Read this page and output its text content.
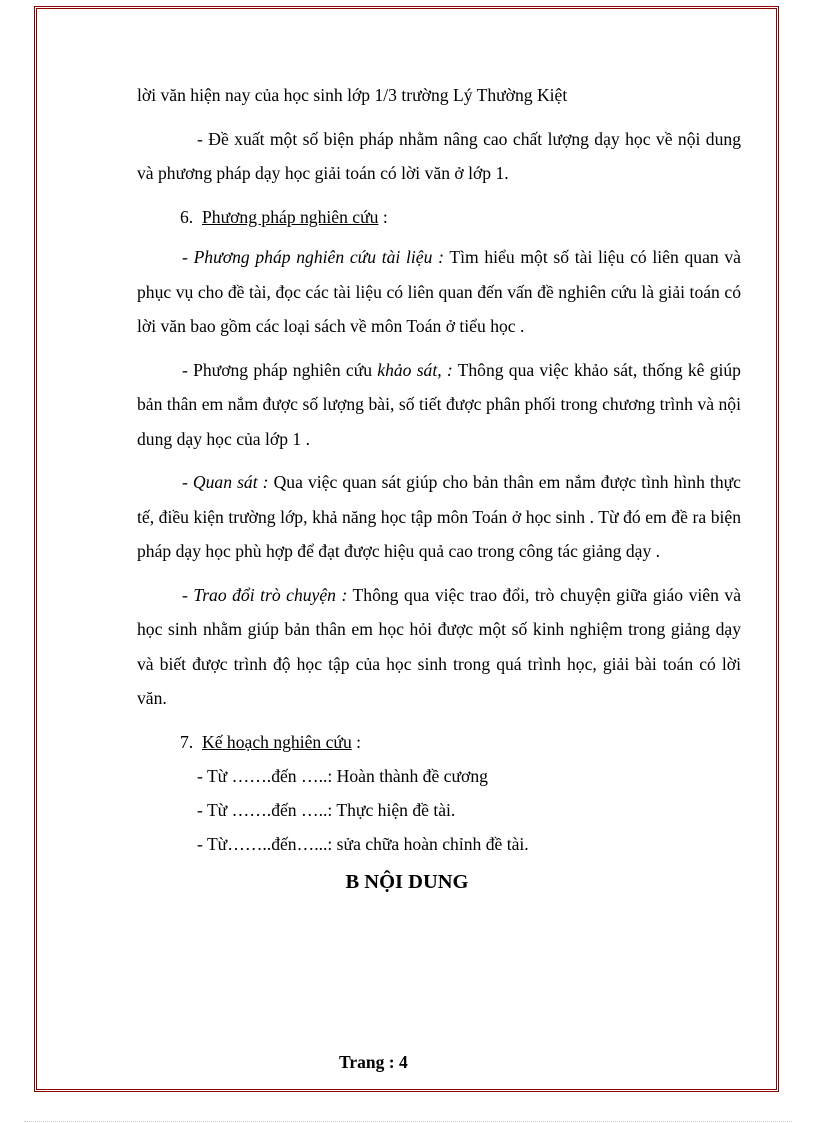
lời văn hiện nay của học sinh lớp 1/3 trường Lý Thường Kiệt

- Đề xuất một số biện pháp nhằm nâng cao chất lượng dạy học về nội dung và phương pháp dạy học giải toán có lời văn ở lớp 1.

6. Phương pháp nghiên cứu :

- Phương pháp nghiên cứu tài liệu : Tìm hiểu một số tài liệu có liên quan và phục vụ cho đề tài, đọc các tài liệu có liên quan đến vấn đề nghiên cứu là giải toán có lời văn bao gồm các loại sách về môn Toán ở tiểu học .

- Phương pháp nghiên cứu khảo sát, : Thông qua việc khảo sát, thống kê giúp bản thân em nắm được số lượng bài, số tiết được phân phối trong chương trình và nội dung dạy học của lớp 1 .

- Quan sát : Qua việc quan sát giúp cho bản thân em nắm được tình hình thực tế, điều kiện trường lớp, khả năng học tập môn Toán ở học sinh . Từ đó em đề ra biện pháp dạy học phù hợp để đạt được hiệu quả cao trong công tác giảng dạy .

- Trao đổi trò chuyện : Thông qua việc trao đổi, trò chuyện giữa giáo viên và học sinh nhằm giúp bản thân em học hỏi được một số kinh nghiệm trong giảng dạy và biết được trình độ học tập của học sinh trong quá trình học, giải bài toán có lời văn.

7. Kế hoạch nghiên cứu :

- Từ …….đến …..: Hoàn thành đề cương

- Từ …….đến …..: Thực hiện đề tài.

- Từ……..đến…...: sửa chữa hoàn chỉnh đề tài.

B NỘI DUNG

Trang : 4
